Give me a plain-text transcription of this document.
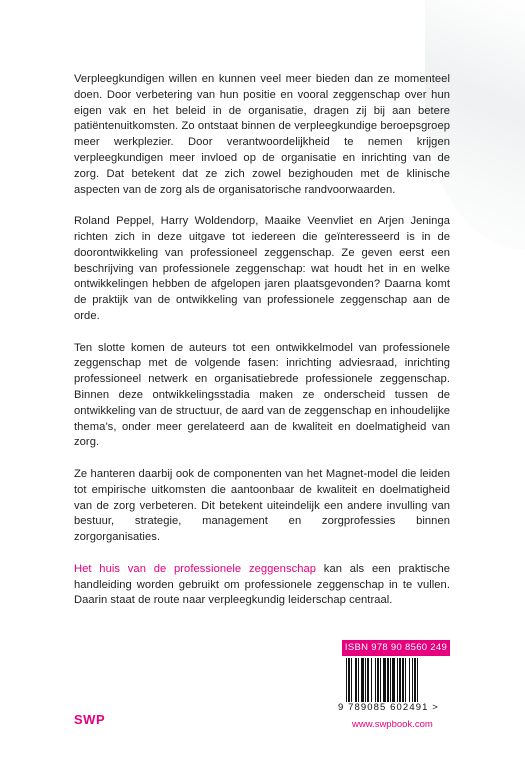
Verpleegkundigen willen en kunnen veel meer bieden dan ze momenteel doen. Door verbetering van hun positie en vooral zeggenschap over hun eigen vak en het beleid in de organisatie, dragen zij bij aan betere patiëntenuitkomsten. Zo ontstaat binnen de verpleegkundige beroepsgroep meer werkplezier. Door verantwoordelijkheid te nemen krijgen verpleegkundigen meer invloed op de organisatie en inrichting van de zorg. Dat betekent dat ze zich zowel bezighouden met de klinische aspecten van de zorg als de organisatorische randvoorwaarden.

Roland Peppel, Harry Woldendorp, Maaike Veenvliet en Arjen Jeninga richten zich in deze uitgave tot iedereen die geïnteresseerd is in de doorontwikkeling van professioneel zeggenschap. Ze geven eerst een beschrijving van professionele zeggenschap: wat houdt het in en welke ontwikkelingen hebben de afgelopen jaren plaatsgevonden? Daarna komt de praktijk van de ontwikkeling van professionele zeggenschap aan de orde.

Ten slotte komen de auteurs tot een ontwikkelmodel van professionele zeggenschap met de volgende fasen: inrichting adviesraad, inrichting professioneel netwerk en organisatiebrede professionele zeggenschap. Binnen deze ontwikkelingsstadia maken ze onderscheid tussen de ontwikkeling van de structuur, de aard van de zeggenschap en inhoudelijke thema’s, onder meer gerelateerd aan de kwaliteit en doelmatigheid van zorg.

Ze hanteren daarbij ook de componenten van het Magnet-model die leiden tot empirische uitkomsten die aantoonbaar de kwaliteit en doelmatigheid van de zorg verbeteren. Dit betekent uiteindelijk een andere invulling van bestuur, strategie, management en zorgprofessies binnen zorgorganisaties.

Het huis van de professionele zeggenschap kan als een praktische handleiding worden gebruikt om professionele zeggenschap in te vullen. Daarin staat de route naar verpleegkundig leiderschap centraal.

ISBN 978 90 8560 249
9 789085 602491 >
www.swpbook.com
SWP
